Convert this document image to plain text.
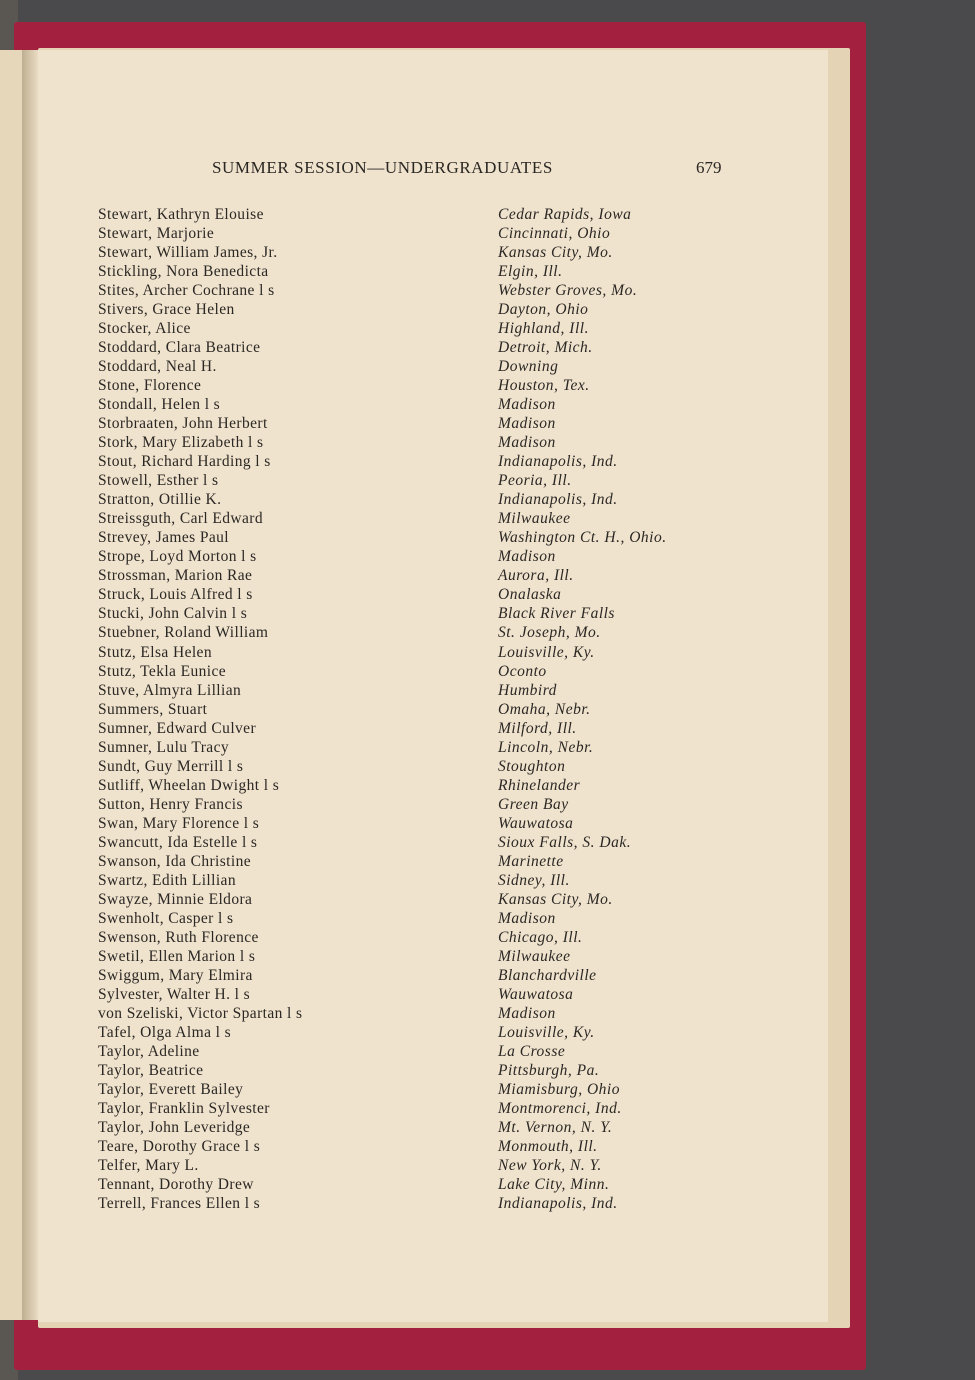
SUMMER SESSION—UNDERGRADUATES	679
Stewart, Kathryn Elouise	Cedar Rapids, Iowa
Stewart, Marjorie	Cincinnati, Ohio
Stewart, William James, Jr.	Kansas City, Mo.
Stickling, Nora Benedicta	Elgin, Ill.
Stites, Archer Cochrane l s	Webster Groves, Mo.
Stivers, Grace Helen	Dayton, Ohio
Stocker, Alice	Highland, Ill.
Stoddard, Clara Beatrice	Detroit, Mich.
Stoddard, Neal H.	Downing
Stone, Florence	Houston, Tex.
Stondall, Helen l s	Madison
Storbraaten, John Herbert	Madison
Stork, Mary Elizabeth l s	Madison
Stout, Richard Harding l s	Indianapolis, Ind.
Stowell, Esther l s	Peoria, Ill.
Stratton, Otillie K.	Indianapolis, Ind.
Streissguth, Carl Edward	Milwaukee
Strevey, James Paul	Washington Ct. H., Ohio.
Strope, Loyd Morton l s	Madison
Strossman, Marion Rae	Aurora, Ill.
Struck, Louis Alfred l s	Onalaska
Stucki, John Calvin l s	Black River Falls
Stuebner, Roland William	St. Joseph, Mo.
Stutz, Elsa Helen	Louisville, Ky.
Stutz, Tekla Eunice	Oconto
Stuve, Almyra Lillian	Humbird
Summers, Stuart	Omaha, Nebr.
Sumner, Edward Culver	Milford, Ill.
Sumner, Lulu Tracy	Lincoln, Nebr.
Sundt, Guy Merrill l s	Stoughton
Sutliff, Wheelan Dwight l s	Rhinelander
Sutton, Henry Francis	Green Bay
Swan, Mary Florence l s	Wauwatosa
Swancutt, Ida Estelle l s	Sioux Falls, S. Dak.
Swanson, Ida Christine	Marinette
Swartz, Edith Lillian	Sidney, Ill.
Swayze, Minnie Eldora	Kansas City, Mo.
Swenholt, Casper l s	Madison
Swenson, Ruth Florence	Chicago, Ill.
Swetil, Ellen Marion l s	Milwaukee
Swiggum, Mary Elmira	Blanchardville
Sylvester, Walter H. l s	Wauwatosa
von Szeliski, Victor Spartan l s	Madison
Tafel, Olga Alma l s	Louisville, Ky.
Taylor, Adeline	La Crosse
Taylor, Beatrice	Pittsburgh, Pa.
Taylor, Everett Bailey	Miamisburg, Ohio
Taylor, Franklin Sylvester	Montmorenci, Ind.
Taylor, John Leveridge	Mt. Vernon, N. Y.
Teare, Dorothy Grace l s	Monmouth, Ill.
Telfer, Mary L.	New York, N. Y.
Tennant, Dorothy Drew	Lake City, Minn.
Terrell, Frances Ellen l s	Indianapolis, Ind.
